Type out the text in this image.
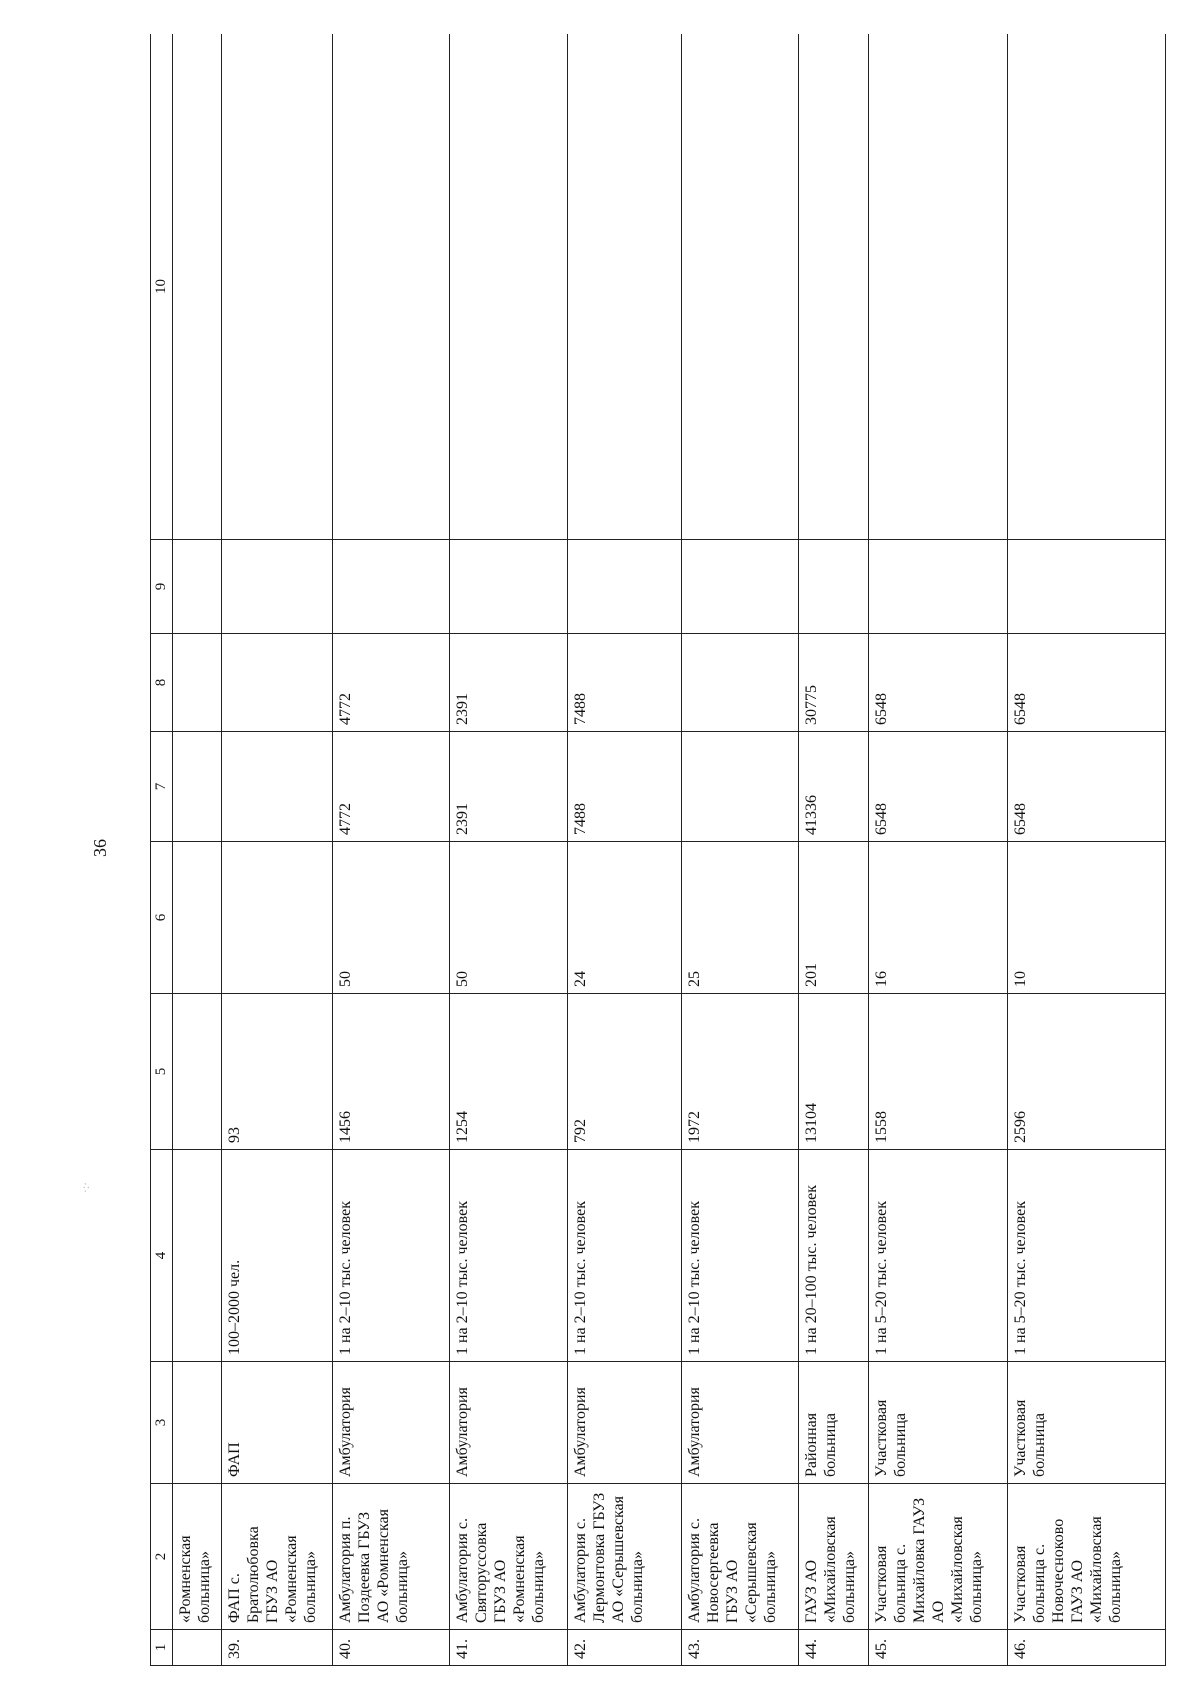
36
·:·
1	2	3	4	5	6	7	8	9	10
	«Ромненская больница»								
39.	ФАП с. Братолюбовка ГБУЗ АО «Ромненская больница»	ФАП	100–2000 чел.	93					
40.	Амбулатория п. Поздеевка ГБУЗ АО «Ромненская больница»	Амбулатория	1 на 2–10 тыс. человек	1456	50	4772	4772		
41.	Амбулатория с. Святоруссовка ГБУЗ АО «Ромненская больница»	Амбулатория	1 на 2–10 тыс. человек	1254	50	2391	2391		
42.	Амбулатория с. Лермонтовка ГБУЗ АО «Серышевская больница»	Амбулатория	1 на 2–10 тыс. человек	792	24	7488	7488		
43.	Амбулатория с. Новосергеевка ГБУЗ АО «Серышевская больница»	Амбулатория	1 на 2–10 тыс. человек	1972	25				
44.	ГАУЗ АО «Михайловская больница»	Районная больница	1 на 20–100 тыс. человек	13104	201	41336	30775		
45.	Участковая больница с. Михайловка ГАУЗ АО «Михайловская больница»	Участковая больница	1 на 5–20 тыс. человек	1558	16	6548	6548		
46.	Участковая больница с. Новочесноково ГАУЗ АО «Михайловская больница»	Участковая больница	1 на 5–20 тыс. человек	2596	10	6548	6548		
